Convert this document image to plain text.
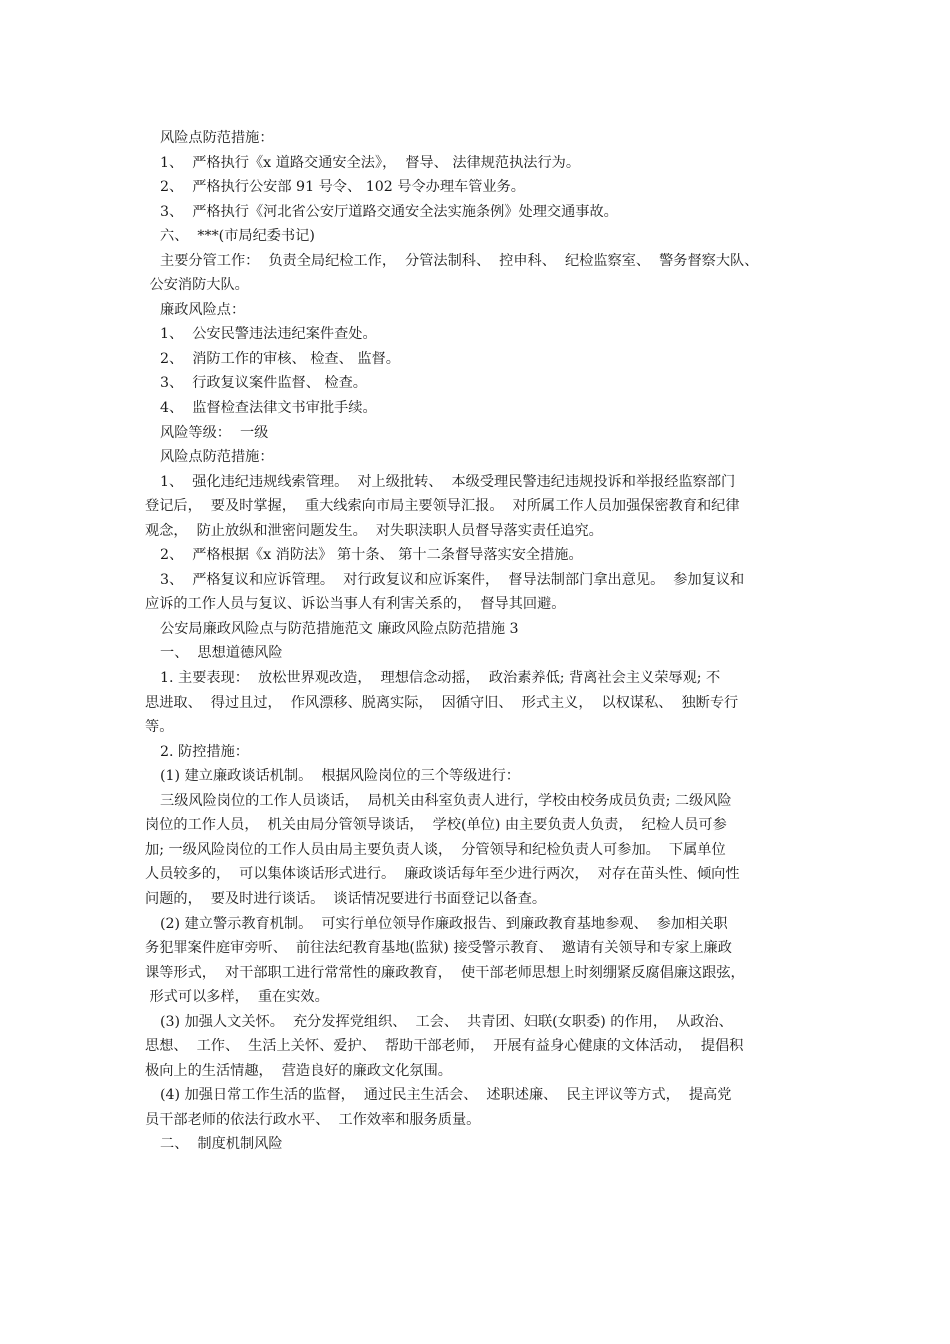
风险点防范措施：
1、  严格执行《x 道路交通安全法》，  督导、 法律规范执法行为。
2、  严格执行公安部 91 号令、 102 号令办理车管业务。
3、  严格执行《河北省公安厅道路交通安全法实施条例》处理交通事故。
六、  ***(市局纪委书记)
主要分管工作：  负责全局纪检工作，  分管法制科、  控申科、  纪检监察室、  警务督察大队、
公安消防大队。
廉政风险点：
1、  公安民警违法违纪案件查处。
2、  消防工作的审核、 检查、 监督。
3、  行政复议案件监督、 检查。
4、  监督检查法律文书审批手续。
风险等级：  一级
风险点防范措施：
1、  强化违纪违规线索管理。  对上级批转、  本级受理民警违纪违规投诉和举报经监察部门
登记后，  要及时掌握，  重大线索向市局主要领导汇报。  对所属工作人员加强保密教育和纪律
观念，  防止放纵和泄密问题发生。  对失职渎职人员督导落实责任追究。
2、  严格根据《x 消防法》 第十条、 第十二条督导落实安全措施。
3、  严格复议和应诉管理。  对行政复议和应诉案件，  督导法制部门拿出意见。  参加复议和
应诉的工作人员与复议、诉讼当事人有利害关系的，  督导其回避。
公安局廉政风险点与防范措施范文 廉政风险点防范措施 3
一、  思想道德风险
1. 主要表现：  放松世界观改造，  理想信念动摇，  政治素养低; 背离社会主义荣辱观; 不
思进取、  得过且过，  作风漂移、脱离实际，  因循守旧、  形式主义，  以权谋私、  独断专行
等。
2. 防控措施：
(1) 建立廉政谈话机制。  根据风险岗位的三个等级进行：
三级风险岗位的工作人员谈话，  局机关由科室负责人进行，学校由校务成员负责; 二级风险
岗位的工作人员，  机关由局分管领导谈话，  学校(单位) 由主要负责人负责，  纪检人员可参
加; 一级风险岗位的工作人员由局主要负责人谈，  分管领导和纪检负责人可参加。  下属单位
人员较多的，  可以集体谈话形式进行。  廉政谈话每年至少进行两次，  对存在苗头性、倾向性
问题的，  要及时进行谈话。  谈话情况要进行书面登记以备查。
(2) 建立警示教育机制。  可实行单位领导作廉政报告、到廉政教育基地参观、  参加相关职
务犯罪案件庭审旁听、  前往法纪教育基地(监狱) 接受警示教育、  邀请有关领导和专家上廉政
课等形式，  对干部职工进行常常性的廉政教育，  使干部老师思想上时刻绷紧反腐倡廉这跟弦，
形式可以多样，  重在实效。
(3) 加强人文关怀。  充分发挥党组织、  工会、  共青团、妇联(女职委) 的作用，  从政治、
思想、  工作、  生活上关怀、爱护、  帮助干部老师，  开展有益身心健康的文体活动，  提倡积
极向上的生活情趣，  营造良好的廉政文化氛围。
(4) 加强日常工作生活的监督，  通过民主生活会、  述职述廉、  民主评议等方式，  提高党
员干部老师的依法行政水平、  工作效率和服务质量。
二、  制度机制风险
